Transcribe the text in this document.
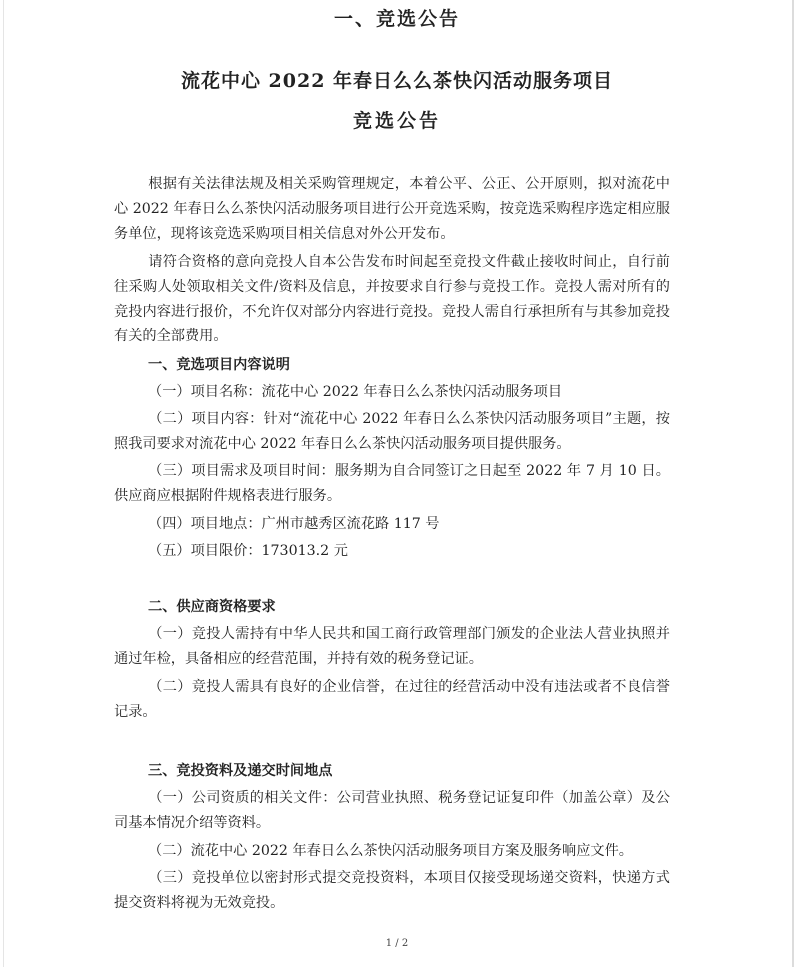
一、竞选公告
流花中心 2022 年春日么么茶快闪活动服务项目
竞选公告
根据有关法律法规及相关采购管理规定，本着公平、公正、公开原则，拟对流花中心 2022 年春日么么茶快闪活动服务项目进行公开竞选采购，按竞选采购程序选定相应服务单位，现将该竞选采购项目相关信息对外公开发布。
请符合资格的意向竞投人自本公告发布时间起至竞投文件截止接收时间止，自行前往采购人处领取相关文件/资料及信息，并按要求自行参与竞投工作。竞投人需对所有的竞投内容进行报价，不允许仅对部分内容进行竞投。竞投人需自行承担所有与其参加竞投有关的全部费用。
一、竞选项目内容说明
（一）项目名称：流花中心 2022 年春日么么茶快闪活动服务项目
（二）项目内容：针对“流花中心 2022 年春日么么茶快闪活动服务项目”主题，按照我司要求对流花中心 2022 年春日么么茶快闪活动服务项目提供服务。
（三）项目需求及项目时间：服务期为自合同签订之日起至 2022 年 7 月 10 日。供应商应根据附件规格表进行服务。
（四）项目地点：广州市越秀区流花路 117 号
（五）项目限价：173013.2 元
二、供应商资格要求
（一）竞投人需持有中华人民共和国工商行政管理部门颁发的企业法人营业执照并通过年检，具备相应的经营范围，并持有效的税务登记证。
（二）竞投人需具有良好的企业信誉，在过往的经营活动中没有违法或者不良信誉记录。
三、竞投资料及递交时间地点
（一）公司资质的相关文件：公司营业执照、税务登记证复印件（加盖公章）及公司基本情况介绍等资料。
（二）流花中心 2022 年春日么么茶快闪活动服务项目方案及服务响应文件。
（三）竞投单位以密封形式提交竞投资料，本项目仅接受现场递交资料，快递方式提交资料将视为无效竞投。
1 / 2
